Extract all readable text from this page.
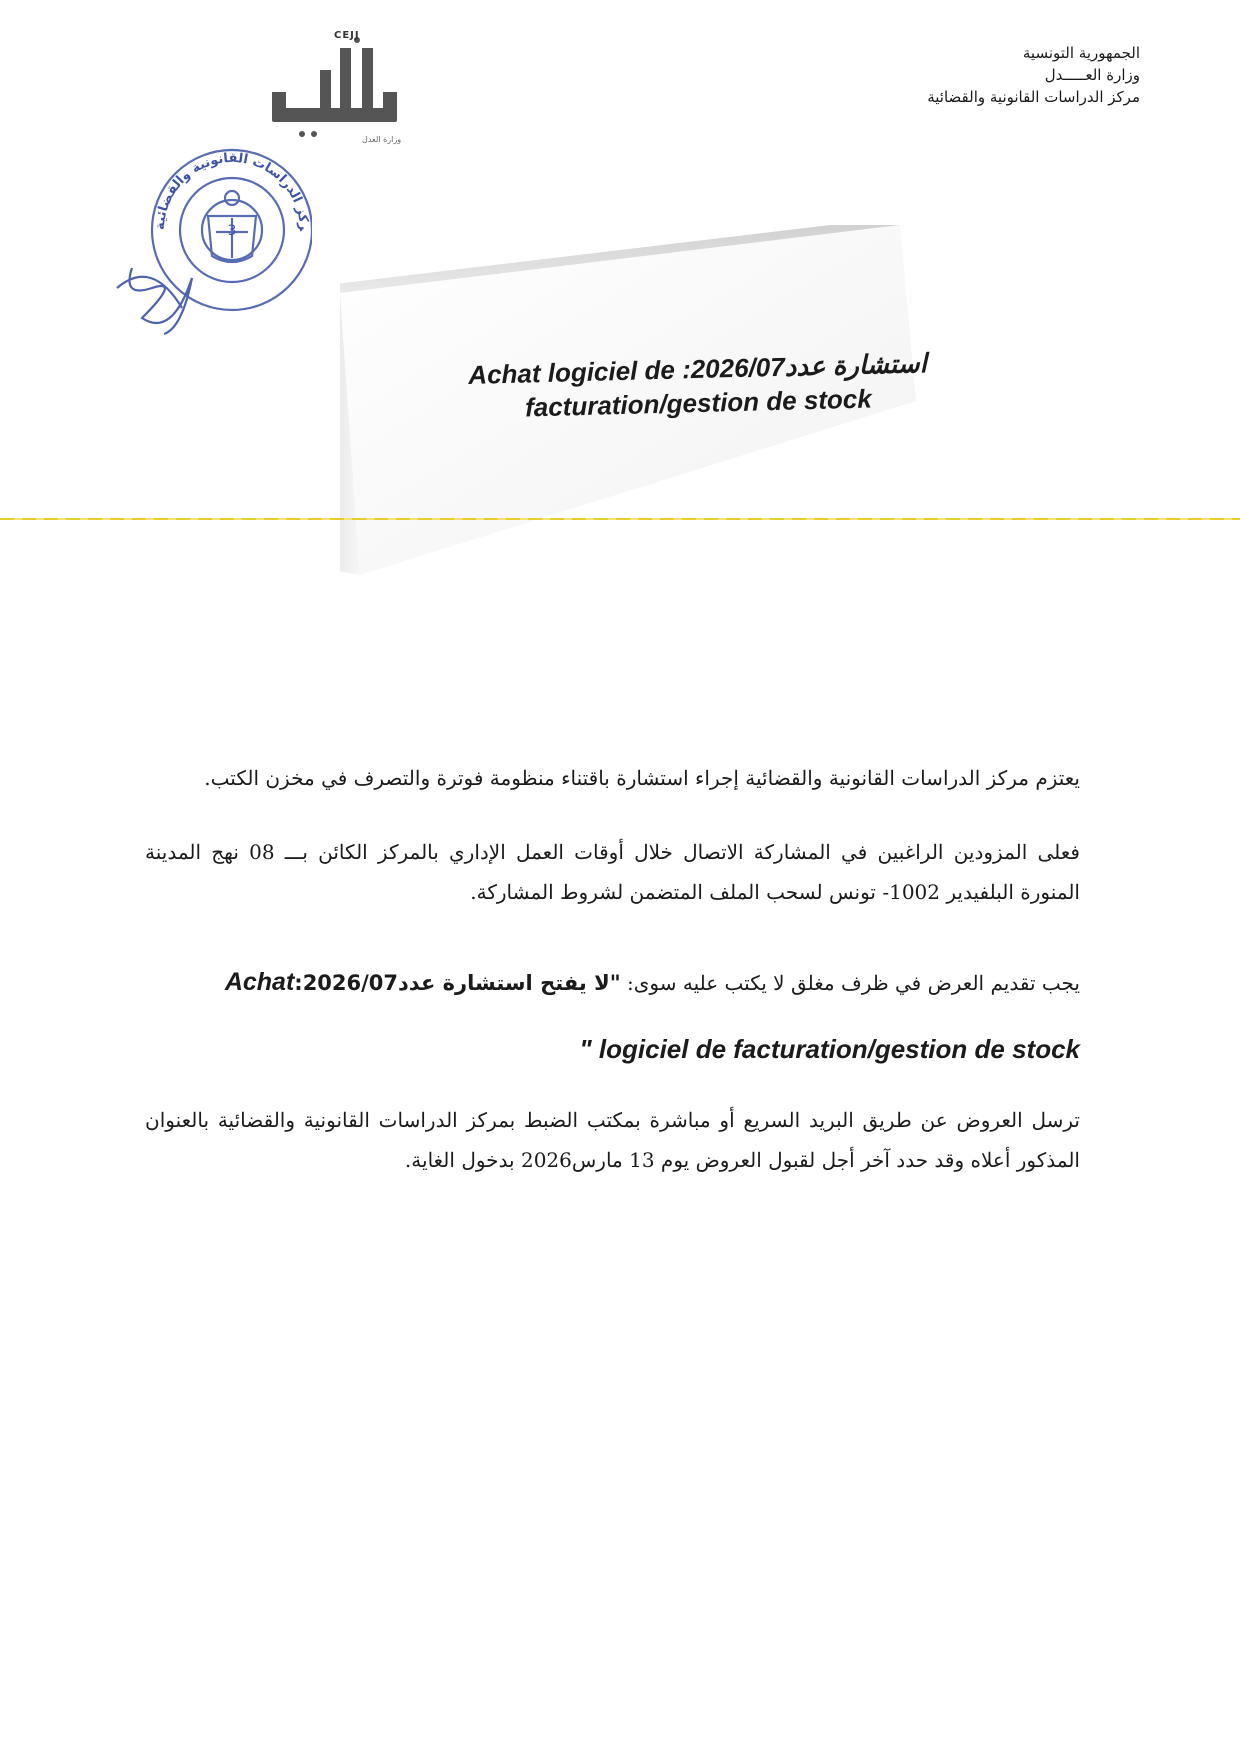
الجمهورية التونسية
وزارة العـــــدل
مركز الدراسات القانونية والقضائية
CEJJ
وزارة العدل
3	ركز الدراسات القانونية والقضائية
استشارة عدد2026/07: Achat logiciel de
facturation/gestion de stock

يعتزم مركز الدراسات القانونية والقضائية إجراء استشارة باقتناء منظومة فوترة والتصرف في مخزن الكتب.

فعلى المزودين الراغبين في المشاركة الاتصال خلال أوقات العمل الإداري بالمركز الكائن بـــ 08 نهج المدينة المنورة البلفيدير 1002- تونس لسحب الملف المتضمن لشروط المشاركة.

يجب تقديم العرض في ظرف مغلق لا يكتب عليه سوى: "لا يفتح استشارة عدد2026/07: Achat

" logiciel de facturation/gestion de stock

ترسل العروض عن طريق البريد السريع أو مباشرة بمكتب الضبط بمركز الدراسات القانونية والقضائية بالعنوان المذكور أعلاه وقد حدد آخر أجل لقبول العروض يوم 13 مارس2026 بدخول الغاية.
